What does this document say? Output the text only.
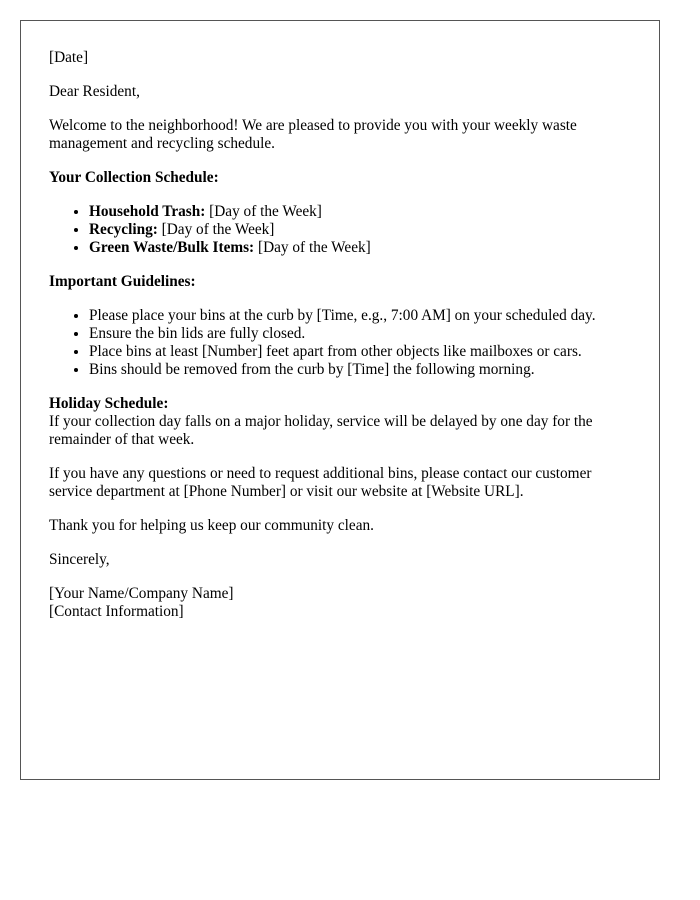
[Date]

Dear Resident,

Welcome to the neighborhood! We are pleased to provide you with your weekly waste management and recycling schedule.

Your Collection Schedule:
• Household Trash: [Day of the Week]
• Recycling: [Day of the Week]
• Green Waste/Bulk Items: [Day of the Week]
Important Guidelines:
• Please place your bins at the curb by [Time, e.g., 7:00 AM] on your scheduled day.
• Ensure the bin lids are fully closed.
• Place bins at least [Number] feet apart from other objects like mailboxes or cars.
• Bins should be removed from the curb by [Time] the following morning.
Holiday Schedule:
If your collection day falls on a major holiday, service will be delayed by one day for the remainder of that week.

If you have any questions or need to request additional bins, please contact our customer service department at [Phone Number] or visit our website at [Website URL].

Thank you for helping us keep our community clean.

Sincerely,

[Your Name/Company Name]
[Contact Information]
